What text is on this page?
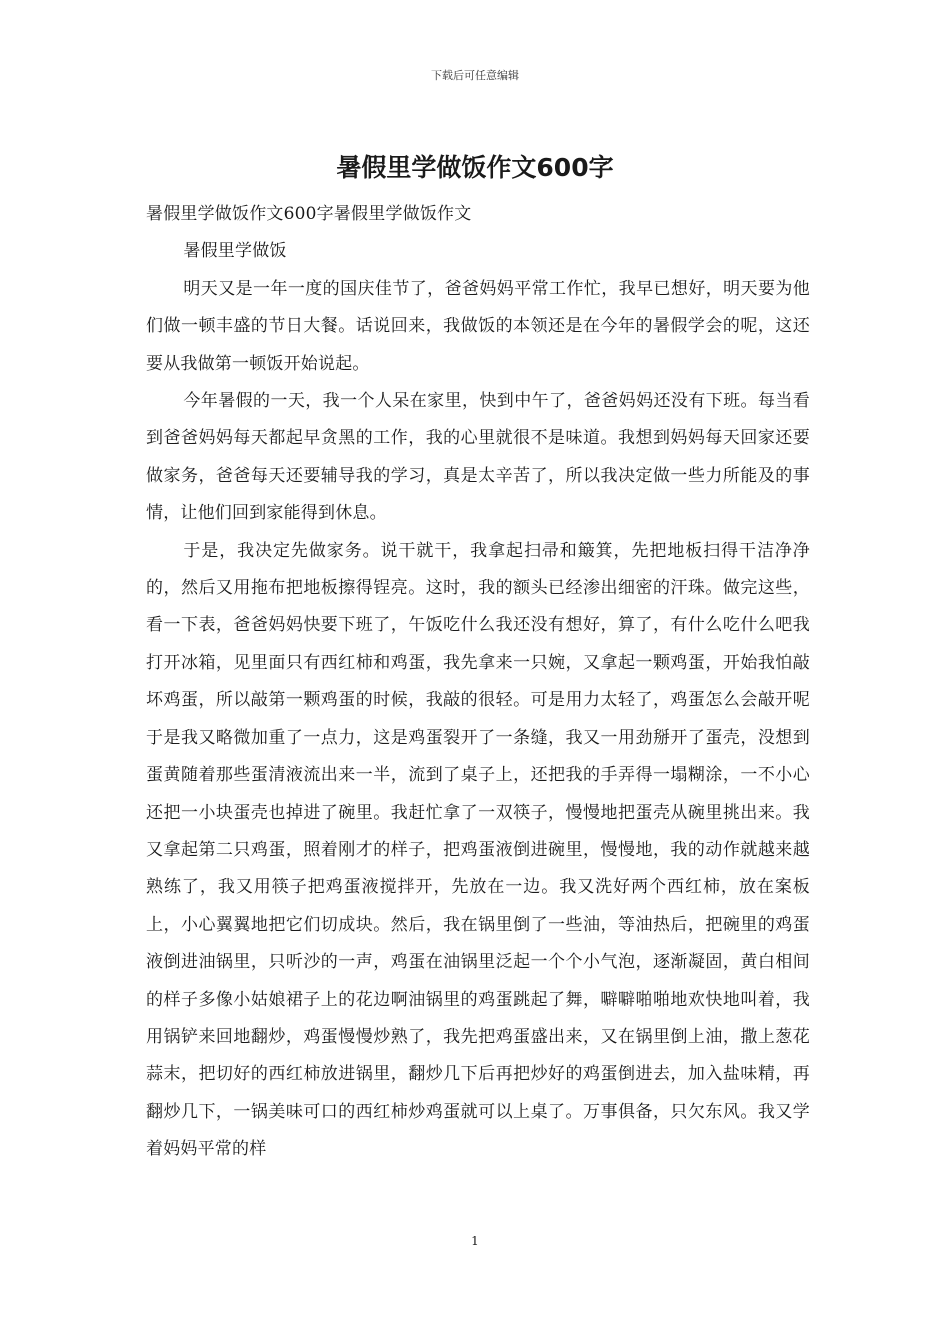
下载后可任意编辑
暑假里学做饭作文600字

暑假里学做饭作文600字暑假里学做饭作文

暑假里学做饭

明天又是一年一度的国庆佳节了，爸爸妈妈平常工作忙，我早已想好，明天要为他们做一顿丰盛的节日大餐。话说回来，我做饭的本领还是在今年的暑假学会的呢，这还要从我做第一顿饭开始说起。

今年暑假的一天，我一个人呆在家里，快到中午了，爸爸妈妈还没有下班。每当看到爸爸妈妈每天都起早贪黑的工作，我的心里就很不是味道。我想到妈妈每天回家还要做家务，爸爸每天还要辅导我的学习，真是太辛苦了，所以我决定做一些力所能及的事情，让他们回到家能得到休息。

于是，我决定先做家务。说干就干，我拿起扫帚和簸箕，先把地板扫得干洁净净的，然后又用拖布把地板擦得锃亮。这时，我的额头已经渗出细密的汗珠。做完这些，看一下表，爸爸妈妈快要下班了，午饭吃什么我还没有想好，算了，有什么吃什么吧我打开冰箱，见里面只有西红柿和鸡蛋，我先拿来一只婉，又拿起一颗鸡蛋，开始我怕敲坏鸡蛋，所以敲第一颗鸡蛋的时候，我敲的很轻。可是用力太轻了，鸡蛋怎么会敲开呢于是我又略微加重了一点力，这是鸡蛋裂开了一条缝，我又一用劲掰开了蛋壳，没想到蛋黄随着那些蛋清液流出来一半，流到了桌子上，还把我的手弄得一塌糊涂，一不小心还把一小块蛋壳也掉进了碗里。我赶忙拿了一双筷子，慢慢地把蛋壳从碗里挑出来。我又拿起第二只鸡蛋，照着刚才的样子，把鸡蛋液倒进碗里，慢慢地，我的动作就越来越熟练了，我又用筷子把鸡蛋液搅拌开，先放在一边。我又洗好两个西红柿，放在案板上，小心翼翼地把它们切成块。然后，我在锅里倒了一些油，等油热后，把碗里的鸡蛋液倒进油锅里，只听沙的一声，鸡蛋在油锅里泛起一个个小气泡，逐渐凝固，黄白相间的样子多像小姑娘裙子上的花边啊油锅里的鸡蛋跳起了舞，噼噼啪啪地欢快地叫着，我用锅铲来回地翻炒，鸡蛋慢慢炒熟了，我先把鸡蛋盛出来，又在锅里倒上油，撒上葱花蒜末，把切好的西红柿放进锅里，翻炒几下后再把炒好的鸡蛋倒进去，加入盐味精，再翻炒几下，一锅美味可口的西红柿炒鸡蛋就可以上桌了。万事俱备，只欠东风。我又学着妈妈平常的样

1
